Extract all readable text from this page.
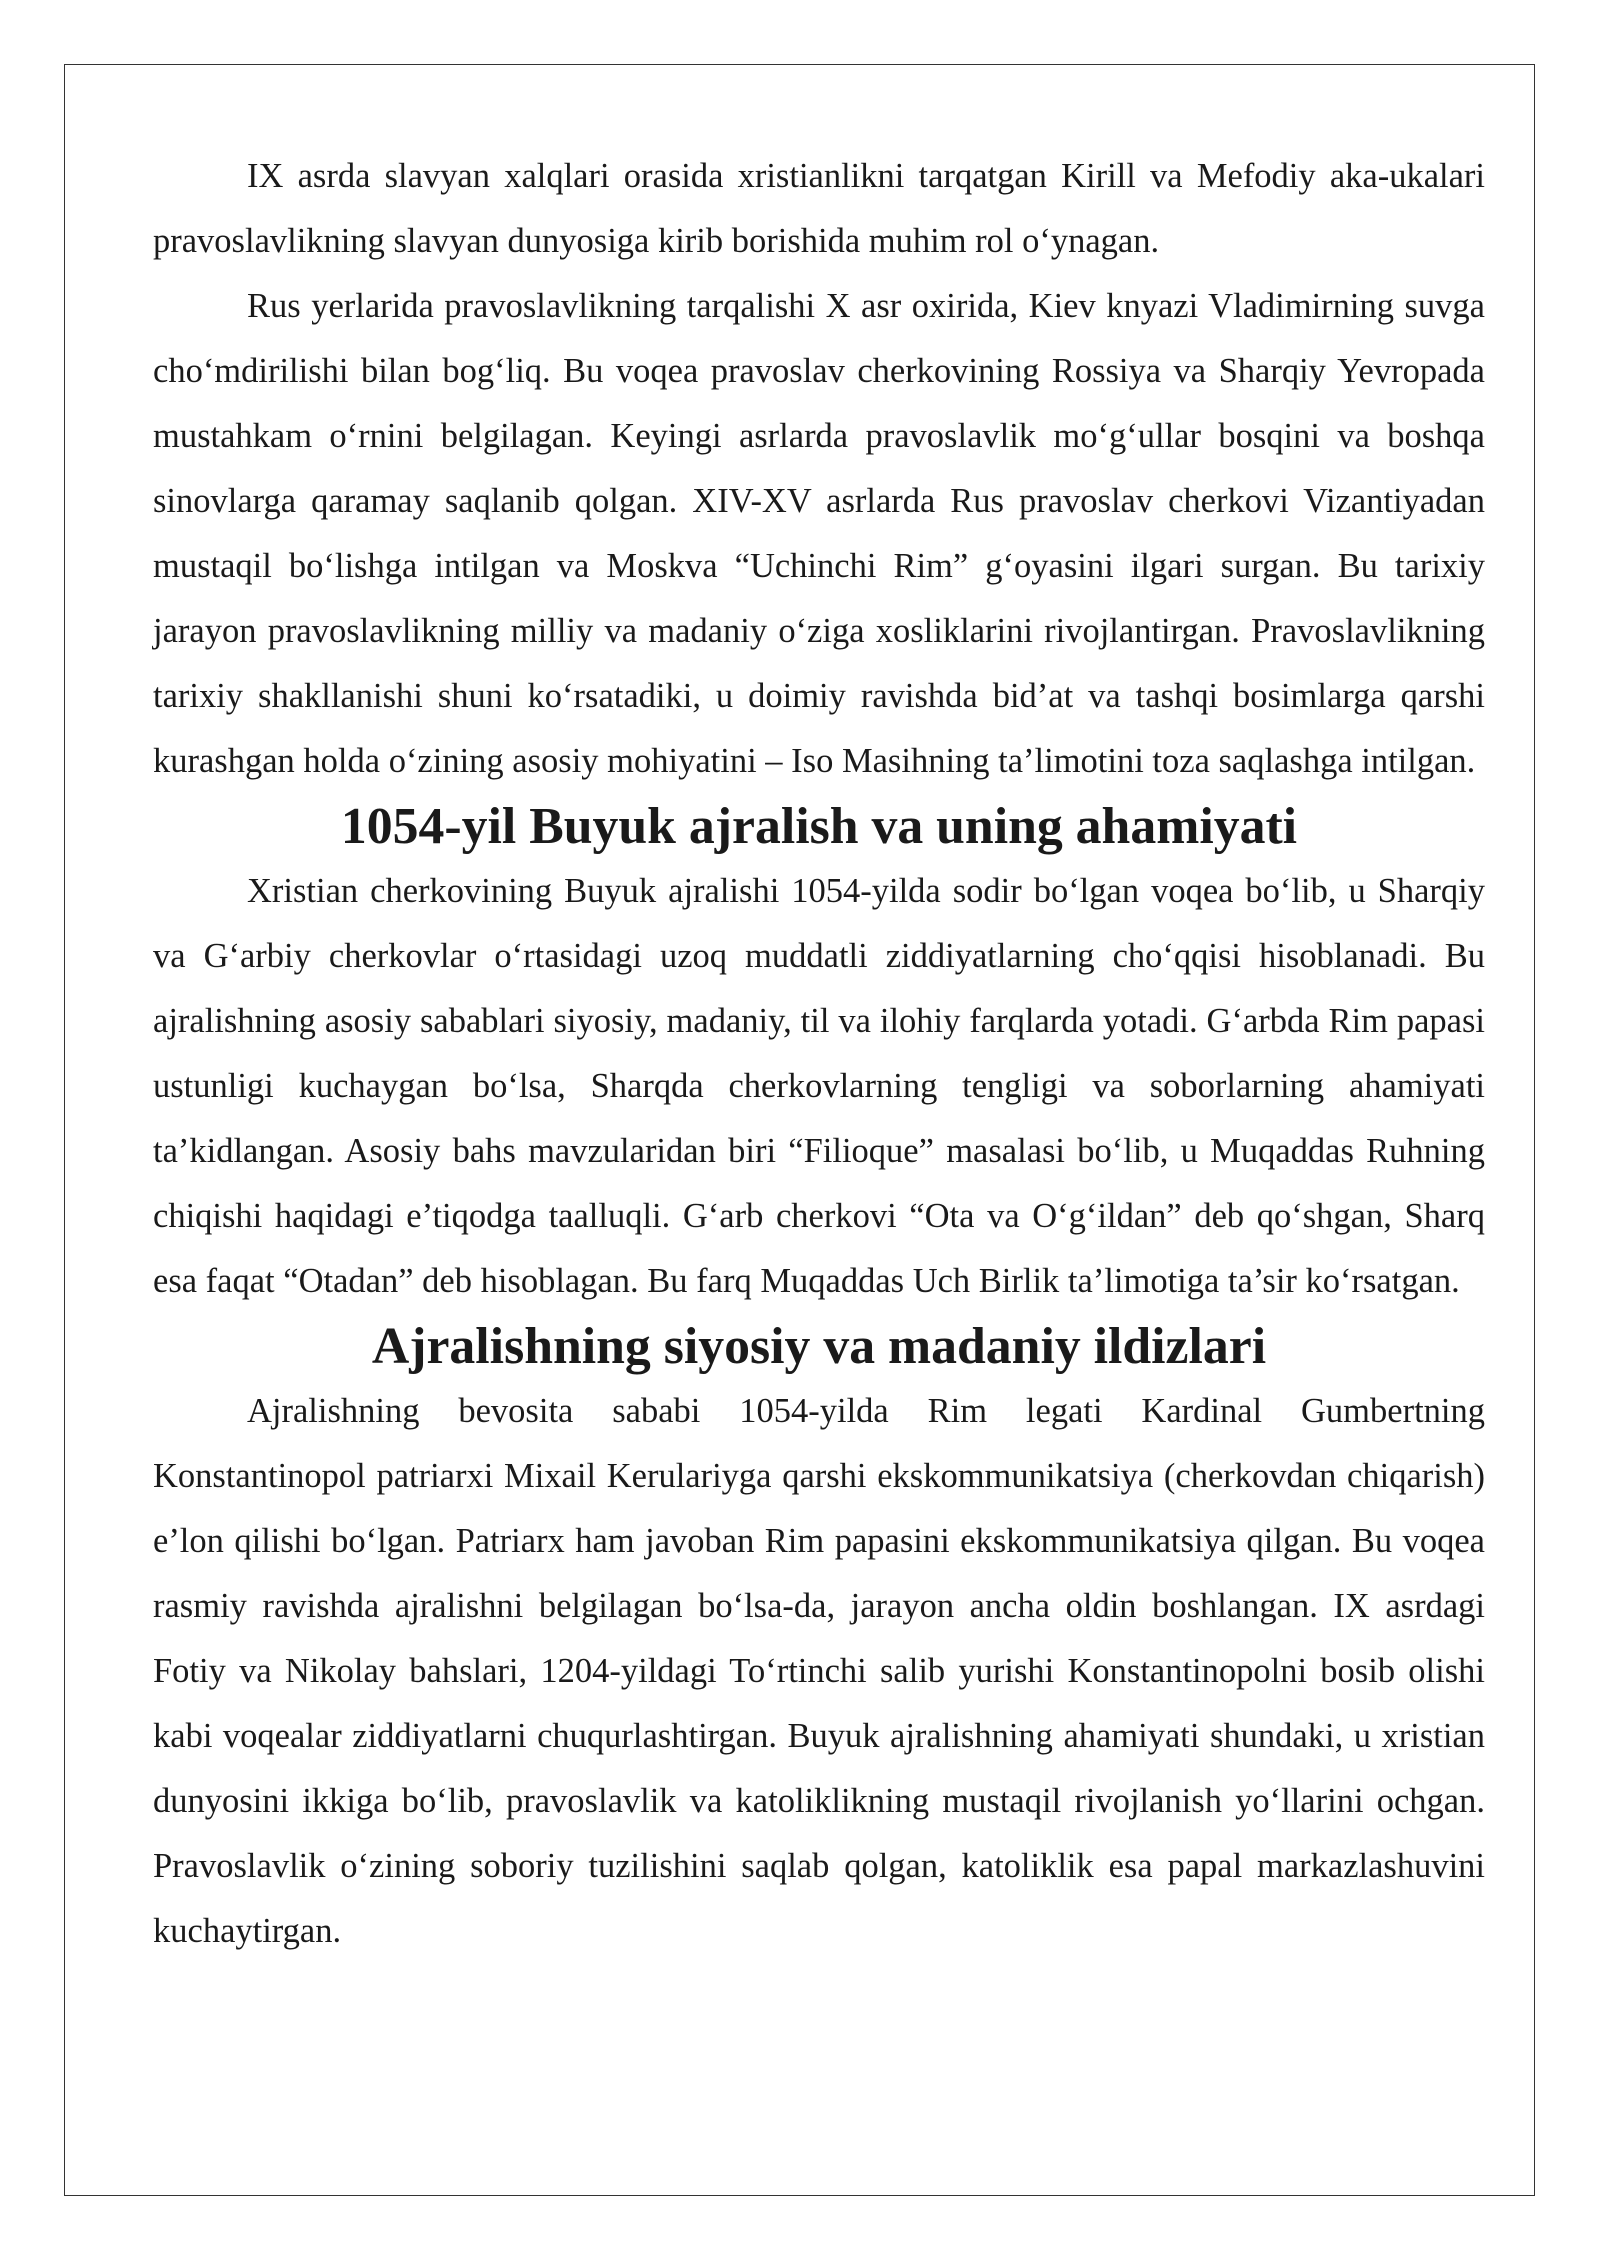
IX asrda slavyan xalqlari orasida xristianlikni tarqatgan Kirill va Mefodiy aka-ukalari pravoslavlikning slavyan dunyosiga kirib borishida muhim rol oʻynagan.

Rus yerlarida pravoslavlikning tarqalishi X asr oxirida, Kiev knyazi Vladimirning suvga choʻmdirilishi bilan bogʻliq. Bu voqea pravoslav cherkovining Rossiya va Sharqiy Yevropada mustahkam oʻrnini belgilagan. Keyingi asrlarda pravoslavlik moʻgʻullar bosqini va boshqa sinovlarga qaramay saqlanib qolgan. XIV-XV asrlarda Rus pravoslav cherkovi Vizantiyadan mustaqil boʻlishga intilgan va Moskva “Uchinchi Rim” gʻoyasini ilgari surgan. Bu tarixiy jarayon pravoslavlikning milliy va madaniy oʻziga xosliklarini rivojlantirgan. Pravoslavlikning tarixiy shakllanishi shuni koʻrsatadiki, u doimiy ravishda bid’at va tashqi bosimlarga qarshi kurashgan holda oʻzining asosiy mohiyatini – Iso Masihning ta’limotini toza saqlashga intilgan.

1054-yil Buyuk ajralish va uning ahamiyati

Xristian cherkovining Buyuk ajralishi 1054-yilda sodir boʻlgan voqea boʻlib, u Sharqiy va Gʻarbiy cherkovlar oʻrtasidagi uzoq muddatli ziddiyatlarning choʻqqisi hisoblanadi. Bu ajralishning asosiy sabablari siyosiy, madaniy, til va ilohiy farqlarda yotadi. Gʻarbda Rim papasi ustunligi kuchaygan boʻlsa, Sharqda cherkovlarning tengligi va soborlarning ahamiyati ta’kidlangan. Asosiy bahs mavzularidan biri “Filioque” masalasi boʻlib, u Muqaddas Ruhning chiqishi haqidagi e’tiqodga taalluqli. Gʻarb cherkovi “Ota va Oʻgʻildan” deb qoʻshgan, Sharq esa faqat “Otadan” deb hisoblagan. Bu farq Muqaddas Uch Birlik ta’limotiga ta’sir koʻrsatgan.

Ajralishning siyosiy va madaniy ildizlari

Ajralishning bevosita sababi 1054-yilda Rim legati Kardinal Gumbertning Konstantinopol patriarxi Mixail Kerulariyga qarshi ekskommunikatsiya (cherkovdan chiqarish) e’lon qilishi boʻlgan. Patriarx ham javoban Rim papasini ekskommunikatsiya qilgan. Bu voqea rasmiy ravishda ajralishni belgilagan boʻlsa-da, jarayon ancha oldin boshlangan. IX asrdagi Fotiy va Nikolay bahslari, 1204-yildagi Toʻrtinchi salib yurishi Konstantinopolni bosib olishi kabi voqealar ziddiyatlarni chuqurlashtirgan. Buyuk ajralishning ahamiyati shundaki, u xristian dunyosini ikkiga boʻlib, pravoslavlik va katoliklikning mustaqil rivojlanish yoʻllarini ochgan. Pravoslavlik oʻzining soboriy tuzilishini saqlab qolgan, katoliklik esa papal markazlashuvini kuchaytirgan.
